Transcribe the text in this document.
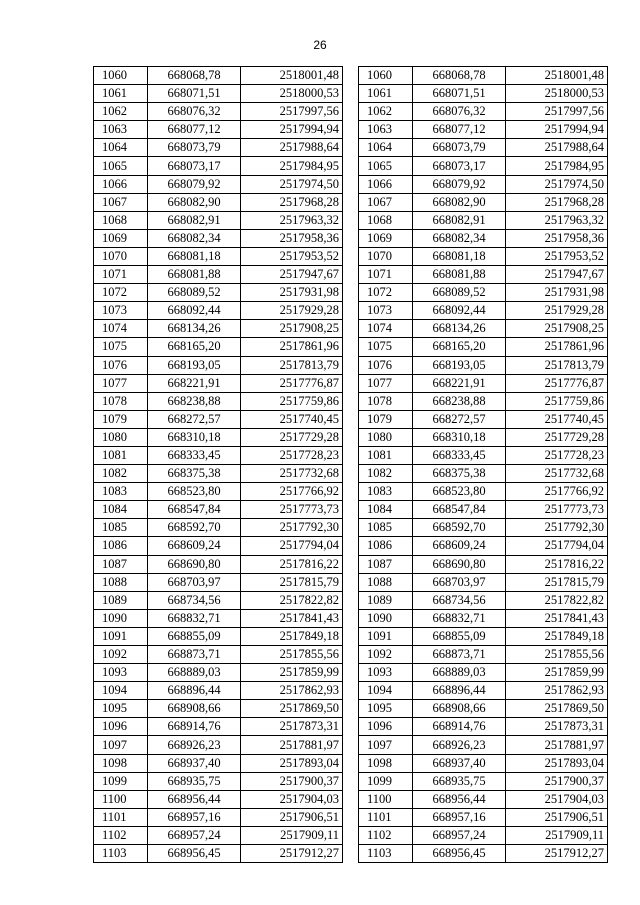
26
1060	668068,78	2518001,48
1061	668071,51	2518000,53
1062	668076,32	2517997,56
1063	668077,12	2517994,94
1064	668073,79	2517988,64
1065	668073,17	2517984,95
1066	668079,92	2517974,50
1067	668082,90	2517968,28
1068	668082,91	2517963,32
1069	668082,34	2517958,36
1070	668081,18	2517953,52
1071	668081,88	2517947,67
1072	668089,52	2517931,98
1073	668092,44	2517929,28
1074	668134,26	2517908,25
1075	668165,20	2517861,96
1076	668193,05	2517813,79
1077	668221,91	2517776,87
1078	668238,88	2517759,86
1079	668272,57	2517740,45
1080	668310,18	2517729,28
1081	668333,45	2517728,23
1082	668375,38	2517732,68
1083	668523,80	2517766,92
1084	668547,84	2517773,73
1085	668592,70	2517792,30
1086	668609,24	2517794,04
1087	668690,80	2517816,22
1088	668703,97	2517815,79
1089	668734,56	2517822,82
1090	668832,71	2517841,43
1091	668855,09	2517849,18
1092	668873,71	2517855,56
1093	668889,03	2517859,99
1094	668896,44	2517862,93
1095	668908,66	2517869,50
1096	668914,76	2517873,31
1097	668926,23	2517881,97
1098	668937,40	2517893,04
1099	668935,75	2517900,37
1100	668956,44	2517904,03
1101	668957,16	2517906,51
1102	668957,24	2517909,11
1103	668956,45	2517912,27
1060	668068,78	2518001,48
1061	668071,51	2518000,53
1062	668076,32	2517997,56
1063	668077,12	2517994,94
1064	668073,79	2517988,64
1065	668073,17	2517984,95
1066	668079,92	2517974,50
1067	668082,90	2517968,28
1068	668082,91	2517963,32
1069	668082,34	2517958,36
1070	668081,18	2517953,52
1071	668081,88	2517947,67
1072	668089,52	2517931,98
1073	668092,44	2517929,28
1074	668134,26	2517908,25
1075	668165,20	2517861,96
1076	668193,05	2517813,79
1077	668221,91	2517776,87
1078	668238,88	2517759,86
1079	668272,57	2517740,45
1080	668310,18	2517729,28
1081	668333,45	2517728,23
1082	668375,38	2517732,68
1083	668523,80	2517766,92
1084	668547,84	2517773,73
1085	668592,70	2517792,30
1086	668609,24	2517794,04
1087	668690,80	2517816,22
1088	668703,97	2517815,79
1089	668734,56	2517822,82
1090	668832,71	2517841,43
1091	668855,09	2517849,18
1092	668873,71	2517855,56
1093	668889,03	2517859,99
1094	668896,44	2517862,93
1095	668908,66	2517869,50
1096	668914,76	2517873,31
1097	668926,23	2517881,97
1098	668937,40	2517893,04
1099	668935,75	2517900,37
1100	668956,44	2517904,03
1101	668957,16	2517906,51
1102	668957,24	2517909,11
1103	668956,45	2517912,27
